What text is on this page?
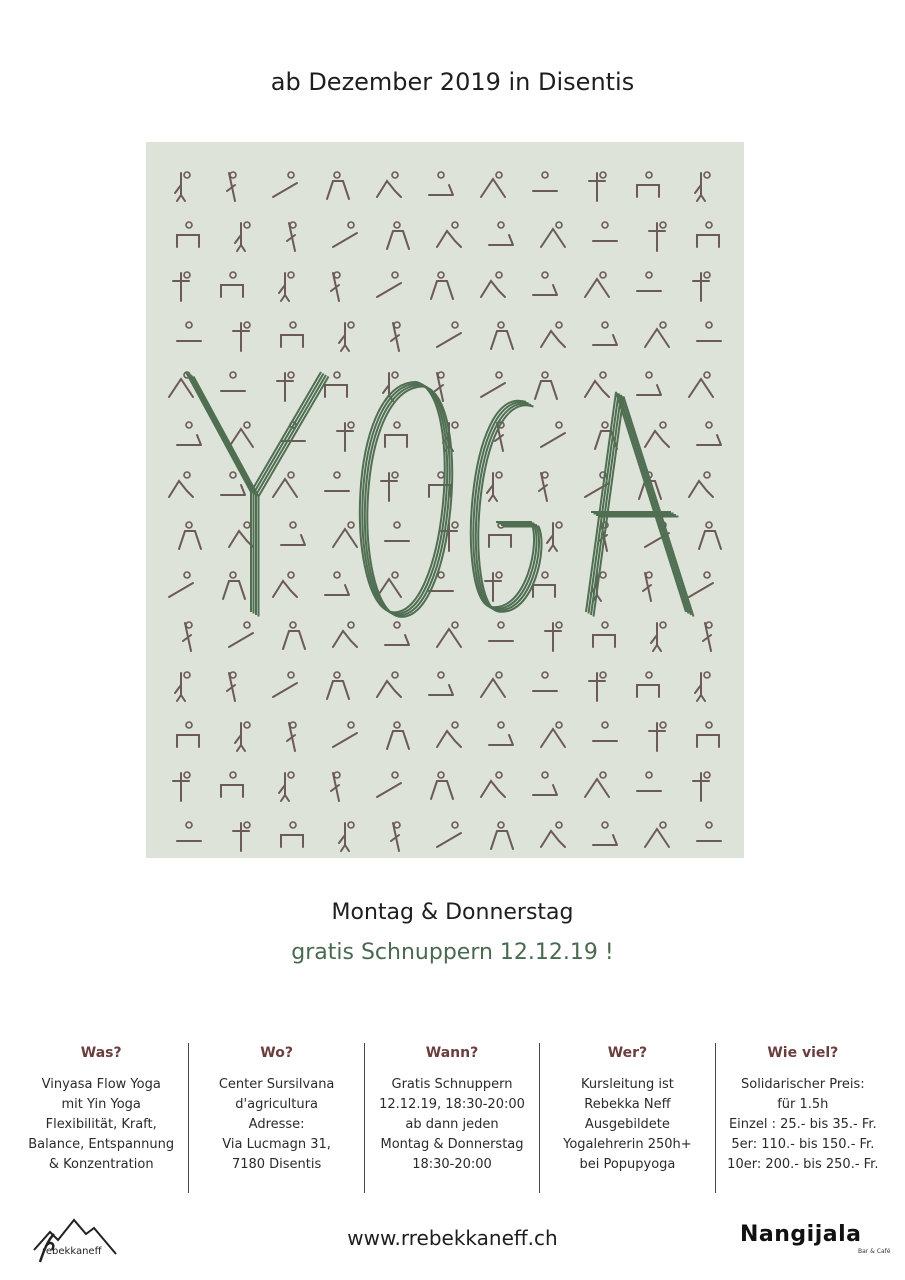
ab Dezember 2019 in Disentis
Montag & Donnerstag
gratis Schnuppern 12.12.19 !
Was?
Vinyasa Flow Yoga
mit Yin Yoga
Flexibilität, Kraft,
Balance, Entspannung
& Konzentration
Wo?
Center Sursilvana
d'agricultura
Adresse:
Via Lucmagn 31,
7180 Disentis
Wann?
Gratis Schnuppern
12.12.19, 18:30-20:00
ab dann jeden
Montag & Donnerstag
18:30-20:00
Wer?
Kursleitung ist
Rebekka Neff
Ausgebildete
Yogalehrerin 250h+
bei Popupyoga
Wie viel?
Solidarischer Preis:
für 1.5h
Einzel : 25.- bis 35.- Fr.
5er: 110.- bis 150.- Fr.
10er: 200.- bis 250.- Fr.
rebekkaneff
www.rrebekkaneff.ch	Nangijala
Bar & Café
